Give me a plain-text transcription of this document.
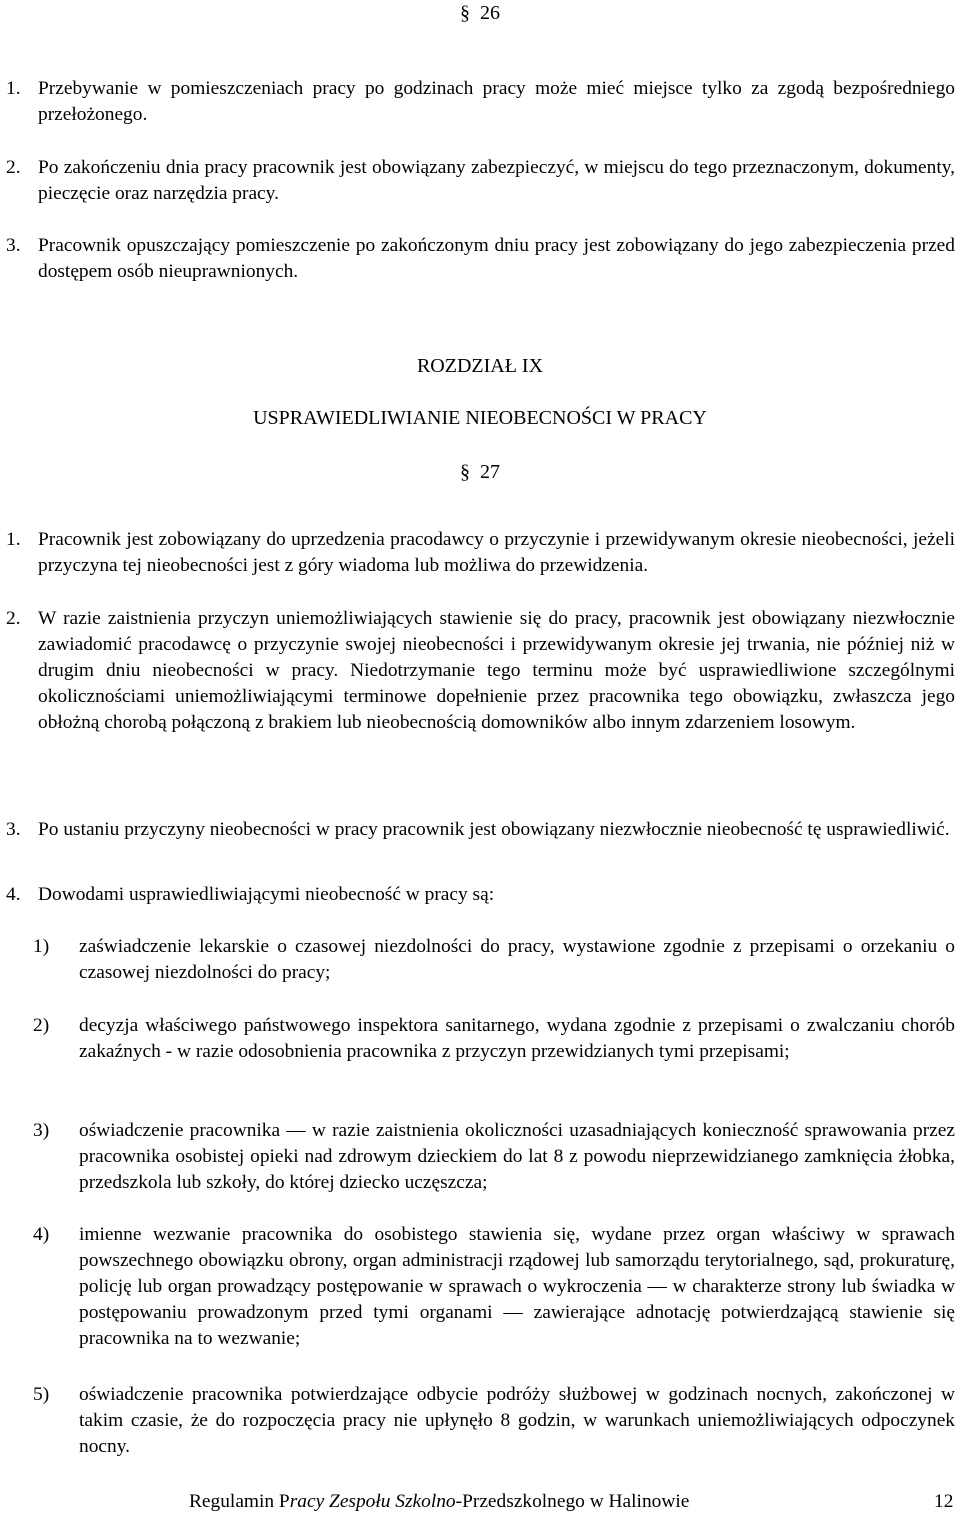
§ 26
1. Przebywanie w pomieszczeniach pracy po godzinach pracy może mieć miejsce tylko za zgodą bezpośredniego przełożonego.
2. Po zakończeniu dnia pracy pracownik jest obowiązany zabezpieczyć, w miejscu do tego przeznaczonym, dokumenty, pieczęcie oraz narzędzia pracy.
3. Pracownik opuszczający pomieszczenie po zakończonym dniu pracy jest zobowiązany do jego zabezpieczenia przed dostępem osób nieuprawnionych.
ROZDZIAŁ IX
USPRAWIEDLIWIANIE NIEOBECNOŚCI W PRACY
§ 27
1. Pracownik jest zobowiązany do uprzedzenia pracodawcy o przyczynie i przewidywanym okresie nieobecności, jeżeli przyczyna tej nieobecności jest z góry wiadoma lub możliwa do przewidzenia.
2. W razie zaistnienia przyczyn uniemożliwiających stawienie się do pracy, pracownik jest obowiązany niezwłocznie zawiadomić pracodawcę o przyczynie swojej nieobecności i przewidywanym okresie jej trwania, nie później niż w drugim dniu nieobecności w pracy. Niedotrzymanie tego terminu może być usprawiedliwione szczególnymi okolicznościami uniemożliwiającymi terminowe dopełnienie przez pracownika tego obowiązku, zwłaszcza jego obłożną chorobą połączoną z brakiem lub nieobecnością domowników albo innym zdarzeniem losowym.
3. Po ustaniu przyczyny nieobecności w pracy pracownik jest obowiązany niezwłocznie nieobecność tę usprawiedliwić.
4. Dowodami usprawiedliwiającymi nieobecność w pracy są:
1) zaświadczenie lekarskie o czasowej niezdolności do pracy, wystawione zgodnie z przepisami o orzekaniu o czasowej niezdolności do pracy;
2) decyzja właściwego państwowego inspektora sanitarnego, wydana zgodnie z przepisami o zwalczaniu chorób zakaźnych - w razie odosobnienia pracownika z przyczyn przewidzianych tymi przepisami;
3) oświadczenie pracownika — w razie zaistnienia okoliczności uzasadniających konieczność sprawowania przez pracownika osobistej opieki nad zdrowym dzieckiem do lat 8 z powodu nieprzewidzianego zamknięcia żłobka, przedszkola lub szkoły, do której dziecko uczęszcza;
4) imienne wezwanie pracownika do osobistego stawienia się, wydane przez organ właściwy w sprawach powszechnego obowiązku obrony, organ administracji rządowej lub samorządu terytorialnego, sąd, prokuraturę, policję lub organ prowadzący postępowanie w sprawach o wykroczenia — w charakterze strony lub świadka w postępowaniu prowadzonym przed tymi organami — zawierające adnotację potwierdzającą stawienie się pracownika na to wezwanie;
5) oświadczenie pracownika potwierdzające odbycie podróży służbowej w godzinach nocnych, zakończonej w takim czasie, że do rozpoczęcia pracy nie upłynęło 8 godzin, w warunkach uniemożliwiających odpoczynek nocny.
Regulamin Pracy Zespołu Szkolno-Przedszkolnego w Halinowie	12
